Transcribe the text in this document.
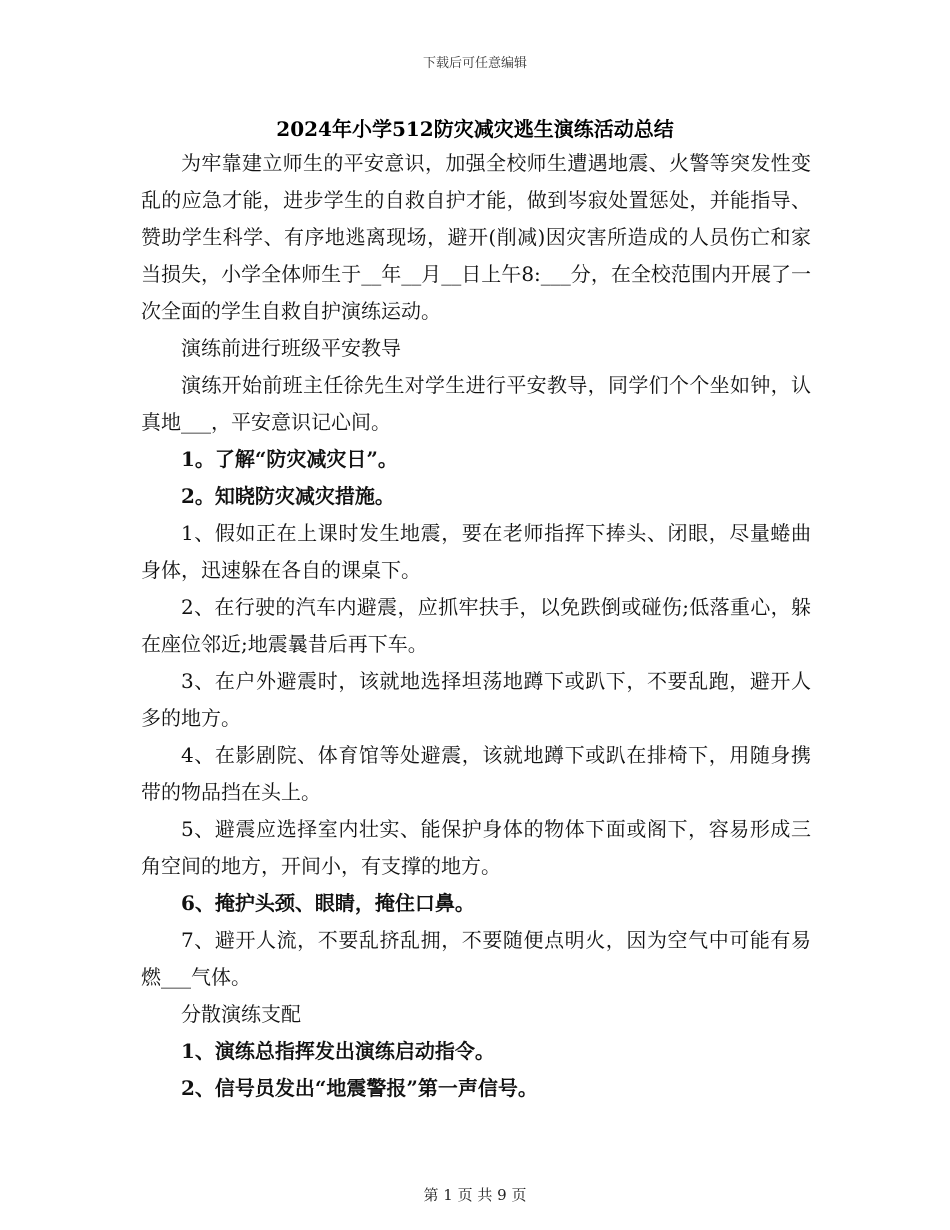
下载后可任意编辑
2024年小学512防灾减灾逃生演练活动总结

为牢靠建立师生的平安意识，加强全校师生遭遇地震、火警等突发性变乱的应急才能，进步学生的自救自护才能，做到岑寂处置惩处，并能指导、赞助学生科学、有序地逃离现场，避开(削减)因灾害所造成的人员伤亡和家当损失，小学全体师生于__年__月__日上午8:___分，在全校范围内开展了一次全面的学生自救自护演练运动。

演练前进行班级平安教导

演练开始前班主任徐先生对学生进行平安教导，同学们个个坐如钟，认真地___，平安意识记心间。

1。了解“防灾减灾日”。

2。知晓防灾减灾措施。

1、假如正在上课时发生地震，要在老师指挥下捧头、闭眼，尽量蜷曲身体，迅速躲在各自的课桌下。

2、在行驶的汽车内避震，应抓牢扶手，以免跌倒或碰伤;低落重心，躲在座位邻近;地震曩昔后再下车。

3、在户外避震时，该就地选择坦荡地蹲下或趴下，不要乱跑，避开人多的地方。

4、在影剧院、体育馆等处避震，该就地蹲下或趴在排椅下，用随身携带的物品挡在头上。

5、避震应选择室内壮实、能保护身体的物体下面或阁下，容易形成三角空间的地方，开间小，有支撑的地方。

6、掩护头颈、眼睛，掩住口鼻。

7、避开人流，不要乱挤乱拥，不要随便点明火，因为空气中可能有易燃___气体。

分散演练支配

1、演练总指挥发出演练启动指令。

2、信号员发出“地震警报”第一声信号。

第 1 页 共 9 页
